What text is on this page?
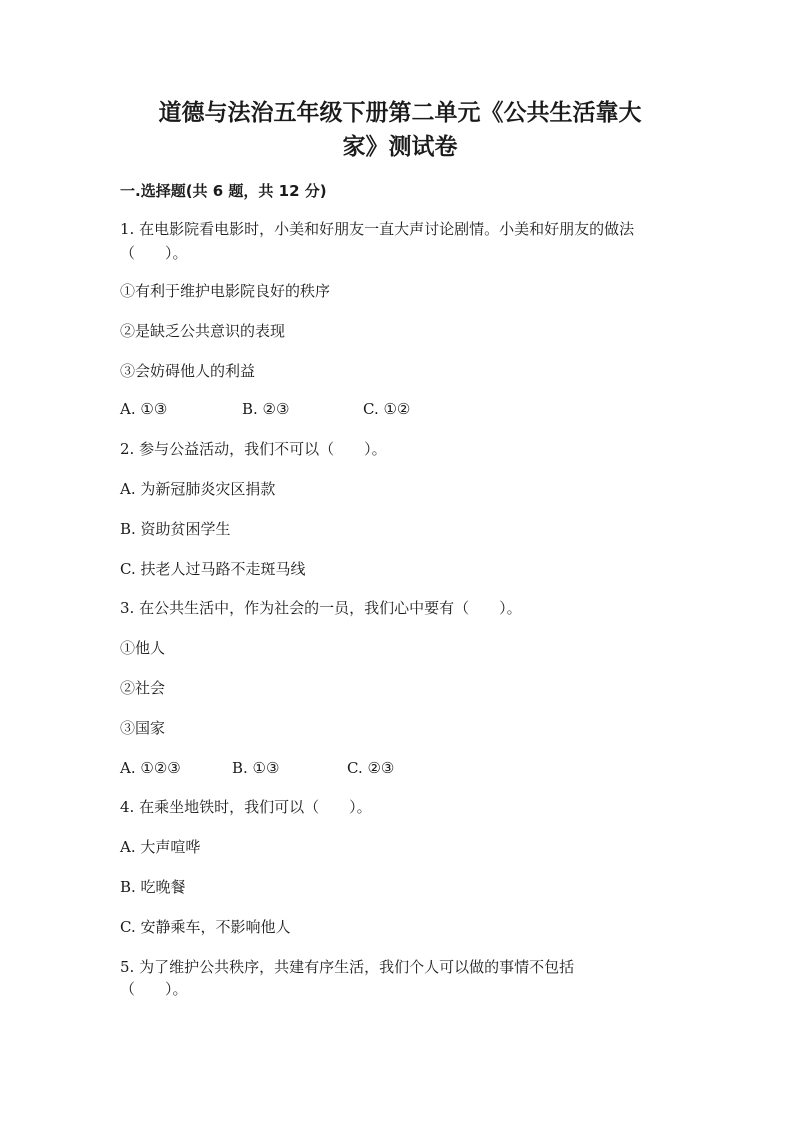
道德与法治五年级下册第二单元《公共生活靠大
家》测试卷
一.选择题(共 6 题，共 12 分)
1. 在电影院看电影时，小美和好朋友一直大声讨论剧情。小美和好朋友的做法
（　　）。
①有利于维护电影院良好的秩序
②是缺乏公共意识的表现
③会妨碍他人的利益
A. ①③	B. ②③	C. ①②
2. 参与公益活动，我们不可以（　　）。
A. 为新冠肺炎灾区捐款
B. 资助贫困学生
C. 扶老人过马路不走斑马线
3. 在公共生活中，作为社会的一员，我们心中要有（　　）。
①他人
②社会
③国家
A. ①②③	B. ①③	C. ②③
4. 在乘坐地铁时，我们可以（　　）。
A. 大声喧哗
B. 吃晚餐
C. 安静乘车，不影响他人
5. 为了维护公共秩序，共建有序生活，我们个人可以做的事情不包括
（　　）。
